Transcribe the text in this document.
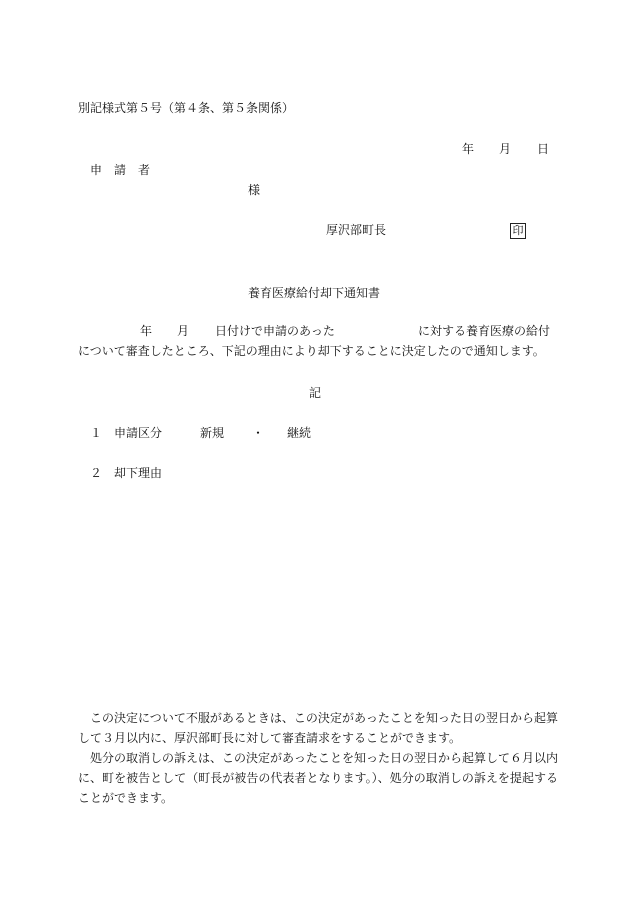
別記様式第５号（第４条、第５条関係）
年 月 日
申　請　者
様
厚沢部町長	印
養育医療給付却下通知書
年 月 日付けで申請のあった	に対する養育医療の給付
について審査したところ、下記の理由により却下することに決定したので通知します。
記
１ 申請区分	新規 ・ 継続
２ 却下理由
この決定について不服があるときは、この決定があったことを知った日の翌日から起算して３月以内に、厚沢部町長に対して審査請求をすることができます。
処分の取消しの訴えは、この決定があったことを知った日の翌日から起算して６月以内に、町を被告として（町長が被告の代表者となります。）、処分の取消しの訴えを提起することができます。
